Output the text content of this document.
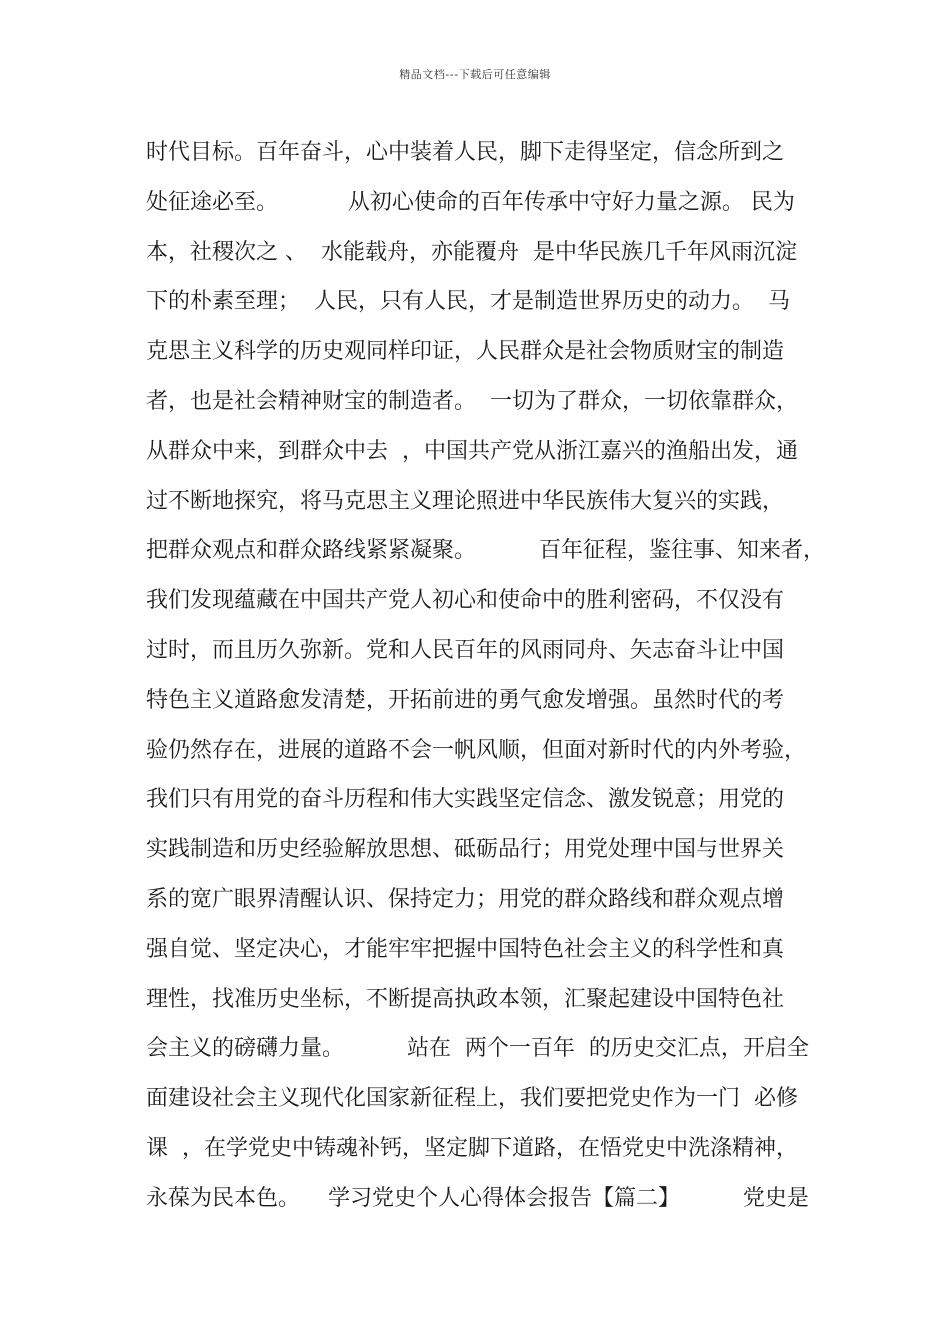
精品文档---下载后可任意编辑
时代目标。百年奋斗，心中装着人民，脚下走得坚定，信念所到之
处征途必至。          从初心使命的百年传承中守好力量之源。 民为
本，社稷次之 、  水能载舟，亦能覆舟  是中华民族几千年风雨沉淀
下的朴素至理；  人民，只有人民，才是制造世界历史的动力。  马
克思主义科学的历史观同样印证，人民群众是社会物质财宝的制造
者，也是社会精神财宝的制造者。  一切为了群众，一切依靠群众，
从群众中来，到群众中去  ，中国共产党从浙江嘉兴的渔船出发，通
过不断地探究，将马克思主义理论照进中华民族伟大复兴的实践，
把群众观点和群众路线紧紧凝聚。         百年征程，鉴往事、知来者，
我们发现蕴藏在中国共产党人初心和使命中的胜利密码，不仅没有
过时，而且历久弥新。党和人民百年的风雨同舟、矢志奋斗让中国
特色主义道路愈发清楚，开拓前进的勇气愈发增强。虽然时代的考
验仍然存在，进展的道路不会一帆风顺，但面对新时代的内外考验，
我们只有用党的奋斗历程和伟大实践坚定信念、激发锐意；用党的
实践制造和历史经验解放思想、砥砺品行；用党处理中国与世界关
系的宽广眼界清醒认识、保持定力；用党的群众路线和群众观点增
强自觉、坚定决心，才能牢牢把握中国特色社会主义的科学性和真
理性，找准历史坐标，不断提高执政本领，汇聚起建设中国特色社
会主义的磅礴力量。         站在  两个一百年  的历史交汇点，开启全
面建设社会主义现代化国家新征程上，我们要把党史作为一门  必修
课  ，在学党史中铸魂补钙，坚定脚下道路，在悟党史中洗涤精神，
永葆为民本色。    学习党史个人心得体会报告【篇二】         党史是
